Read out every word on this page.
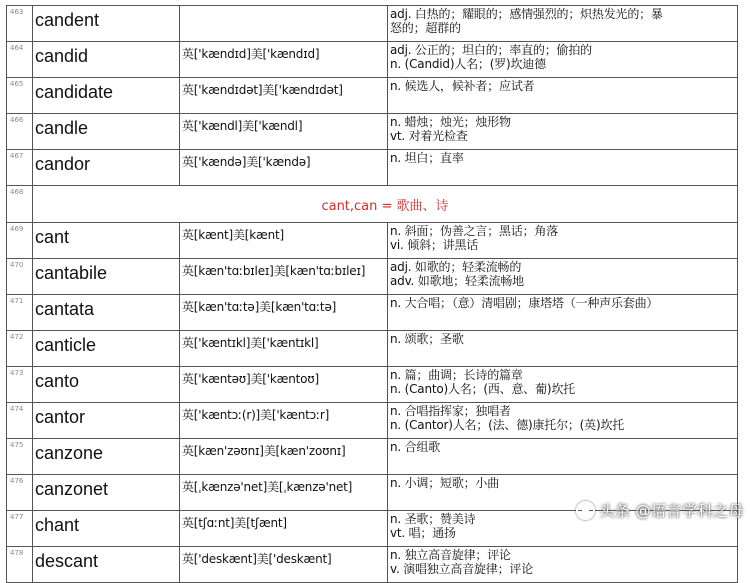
463	candent		adj. 白热的；耀眼的；感情强烈的；炽热发光的；暴
怒的；超群的

464	candid	英['kændɪd]美['kændɪd]	adj. 公正的；坦白的；率直的；偷拍的
n. (Candid)人名；(罗)坎迪德

465	candidate	英['kændɪdət]美['kændɪdət]	n. 候选人，候补者；应试者

466	candle	英['kændl]美['kændl]	n. 蜡烛；烛光；烛形物
vt. 对着光检查

467	candor	英['kændə]美['kændə]	n. 坦白；直率

468	cant,can = 歌曲、诗		
469	cant	英[kænt]美[kænt]	n. 斜面；伪善之言；黑话；角落
vi. 倾斜；讲黑话

470	cantabile	英[kæn'tɑːbɪleɪ]美[kæn'tɑːbɪleɪ]	adj. 如歌的；轻柔流畅的
adv. 如歌地；轻柔流畅地

471	cantata	英[kæn'tɑːtə]美[kæn'tɑːtə]	n. 大合唱；（意）清唱剧；康塔塔（一种声乐套曲）

472	canticle	英['kæntɪkl]美['kæntɪkl]	n. 颂歌；圣歌

473	canto	英['kæntəʊ]美['kæntoʊ]	n. 篇；曲调；长诗的篇章
n. (Canto)人名；(西、意、葡)坎托

474	cantor	英['kæntɔː(r)]美['kæntɔːr]	n. 合唱指挥家；独唱者
n. (Cantor)人名；(法、德)康托尔；(英)坎托

475	canzone	英[kæn'zəʊnɪ]美[kæn'zoʊnɪ]	n. 合组歌

476	canzonet	英[ˌkænzə'net]美[ˌkænzə'net]	n. 小调；短歌；小曲

477	chant	英[tʃɑːnt]美[tʃænt]	n. 圣歌；赞美诗
vt. 唱；通扬

478	descant	英['deskænt]美['deskænt]	n. 独立高音旋律；评论
v. 演唱独立高音旋律；评论
头条 @语言学科之母
